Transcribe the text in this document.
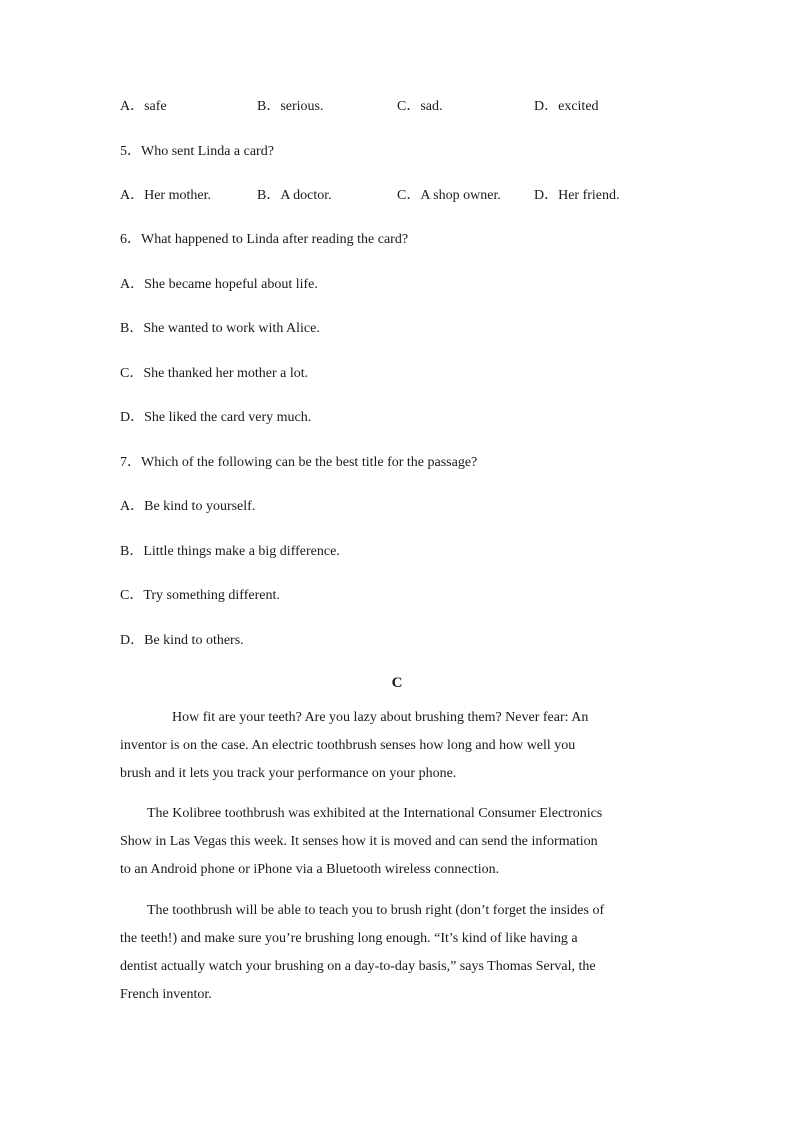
A．safe	B．serious.	C．sad.	D．excited
5．Who sent Linda a card?
A．Her mother.	B．A doctor.	C．A shop owner. D．Her friend.
6．What happened to Linda after reading the card?
A．She became hopeful about life.
B．She wanted to work with Alice.
C．She thanked her mother a lot.
D．She liked the card very much.
7．Which of the following can be the best title for the passage?
A．Be kind to yourself.
B．Little things make a big difference.
C．Try something different.
D．Be kind to others.
C
How fit are your teeth? Are you lazy about brushing them? Never fear: An
inventor is on the case. An electric toothbrush senses how long and how well you
brush and it lets you track your performance on your phone.
The Kolibree toothbrush was exhibited at the International Consumer Electronics
Show in Las Vegas this week. It senses how it is moved and can send the information
to an Android phone or iPhone via a Bluetooth wireless connection.
The toothbrush will be able to teach you to brush right (don’t forget the insides of
the teeth!) and make sure you’re brushing long enough. “It’s kind of like having a
dentist actually watch your brushing on a day-to-day basis,” says Thomas Serval, the
French inventor.
